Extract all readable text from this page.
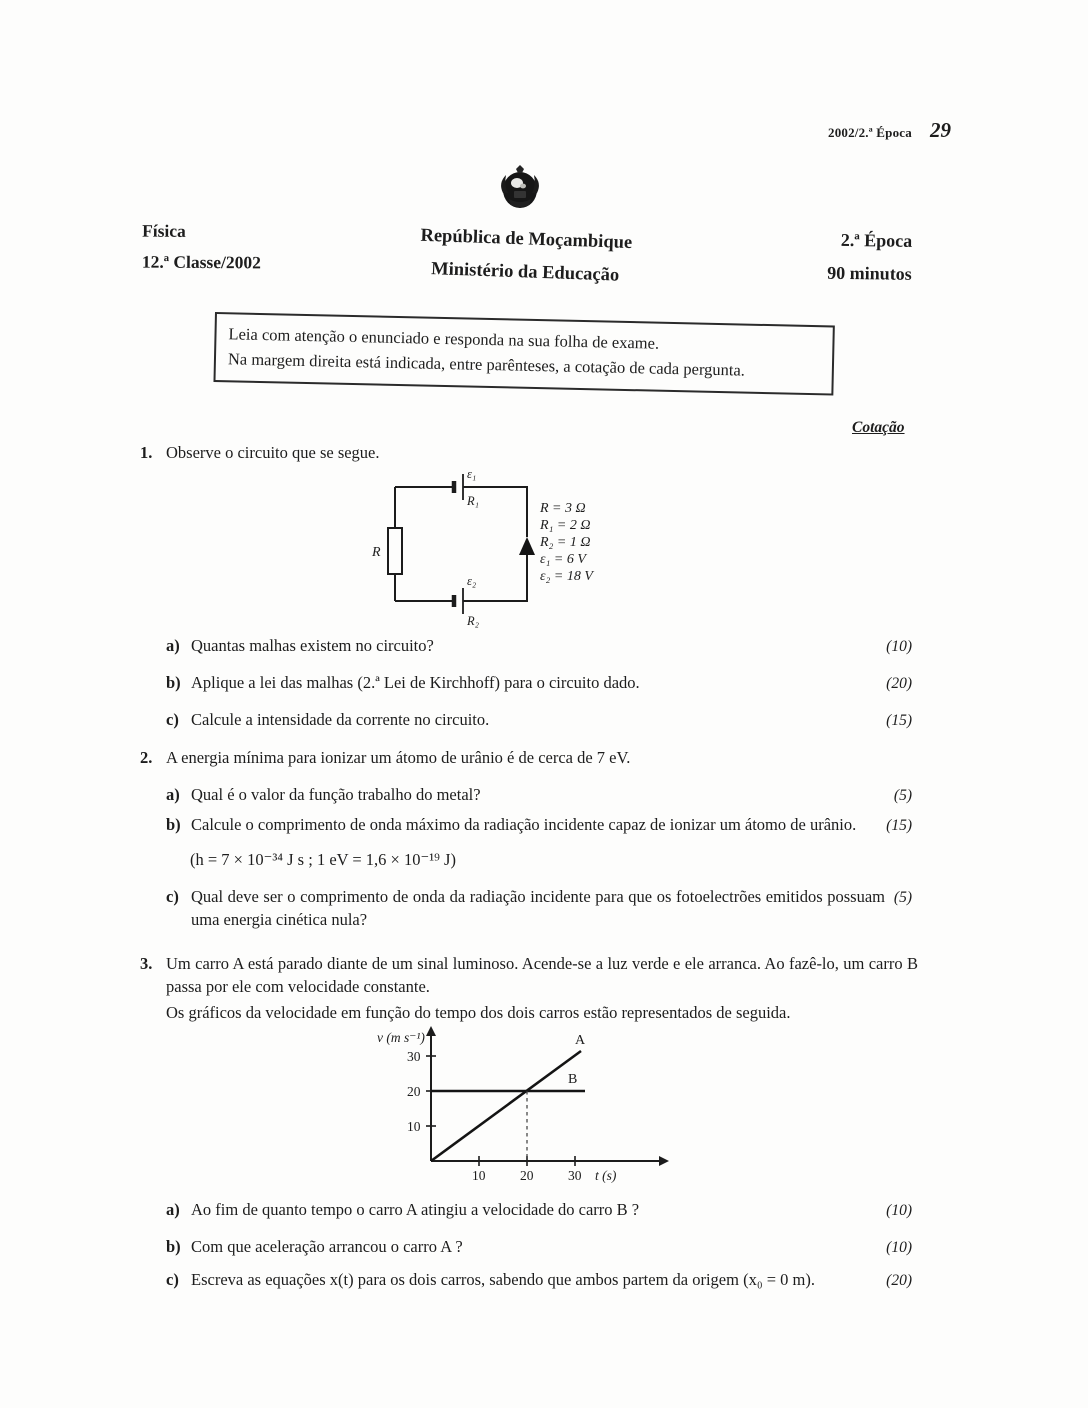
2002/2.ª Época 29
Física
12.ª Classe/2002
República de Moçambique
Ministério da Educação
2.ª Época
90 minutos
Leia com atenção o enunciado e responda na sua folha de exame.
Na margem direita está indicada, entre parênteses, a cotação de cada pergunta.
Cotação
1. Observe o circuito que se segue.
ε₁
R₁
ε₂
R₂
R
R = 3 Ω
R₁ = 2 Ω
R₂ = 1 Ω
ε₁ = 6 V
ε₂ = 18 V
a) Quantas malhas existem no circuito?	(10)
b) Aplique a lei das malhas (2.ª Lei de Kirchhoff) para o circuito dado.	(20)
c) Calcule a intensidade da corrente no circuito.	(15)
2. A energia mínima para ionizar um átomo de urânio é de cerca de 7 eV.
a) Qual é o valor da função trabalho do metal?	(5)
b) Calcule o comprimento de onda máximo da radiação incidente capaz de ionizar um átomo de urânio. (15)
(h = 7 × 10⁻³⁴ J s ; 1 eV = 1,6 × 10⁻¹⁹ J)
c) Qual deve ser o comprimento de onda da radiação incidente para que os fotoelectrões emitidos possuam uma energia cinética nula?
(5)
3. Um carro A está parado diante de um sinal luminoso. Acende-se a luz verde e ele arranca. Ao fazê-lo, um carro B passa por ele com velocidade constante.
Os gráficos da velocidade em função do tempo dos dois carros estão representados de seguida.
A
B
v (m s⁻¹)
t (s)
30
20
10
10	20	30
a) Ao fim de quanto tempo o carro A atingiu a velocidade do carro B ?	(10)
b) Com que aceleração arrancou o carro A ?	(10)
c) Escreva as equações x(t) para os dois carros, sabendo que ambos partem da origem (x₀ = 0 m).	(20)
